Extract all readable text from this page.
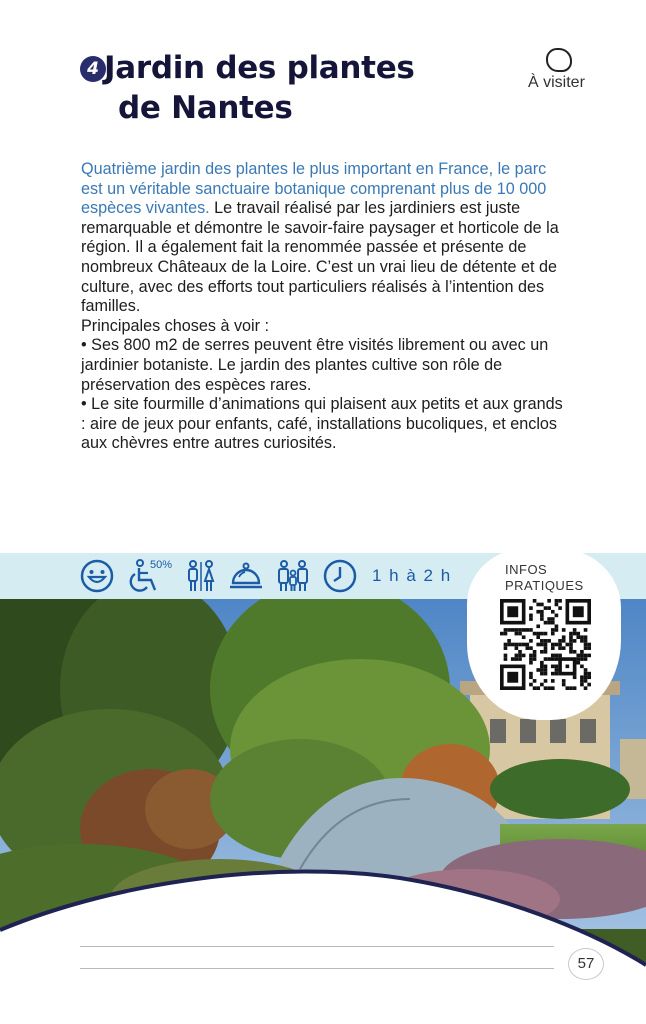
4 Jardin des plantes
de Nantes
À visiter

Quatrième jardin des plantes le plus important en France, le parc est un véritable sanctuaire botanique comprenant plus de 10 000 espèces vivantes. Le travail réalisé par les jardiniers est juste remarquable et démontre le savoir-faire paysager et horticole de la région. Il a également fait la renommée passée et présente de nombreux Châteaux de la Loire. C’est un vrai lieu de détente et de culture, avec des efforts tout particuliers réalisés à l’intention des familles.

Principales choses à voir :

• Ses 800 m2 de serres peuvent être visités librement ou avec un jardinier botaniste. Le jardin des plantes cultive son rôle de préservation des espèces rares.

• Le site fourmille d’animations qui plaisent aux petits et aux grands : aire de jeux pour enfants, café, installations bucoliques, et enclos aux chèvres entre autres curiosités.

50%
1 h à 2 h	INFOS
PRATIQUES
57
